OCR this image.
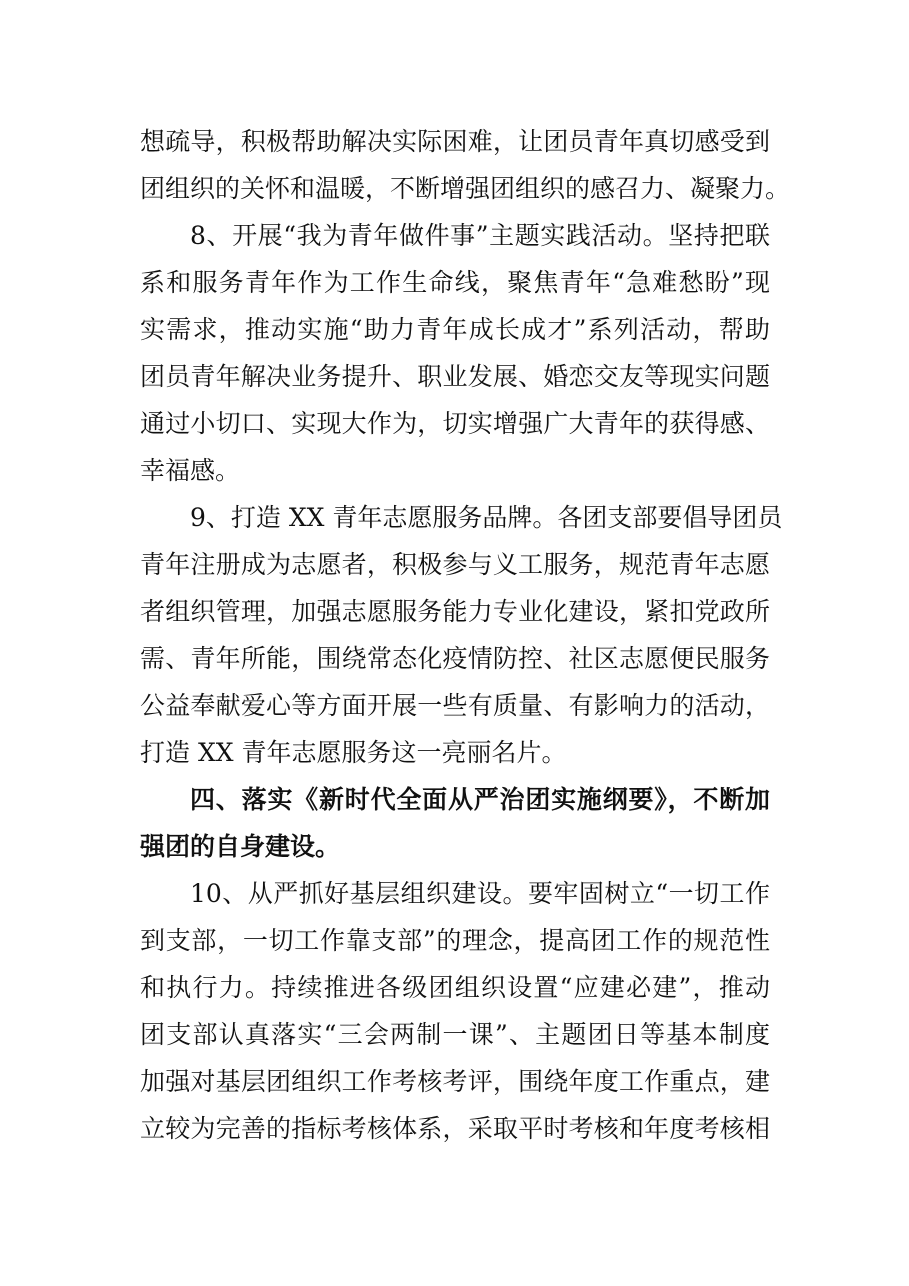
想疏导，积极帮助解决实际困难，让团员青年真切感受到
团组织的关怀和温暖，不断增强团组织的感召力、凝聚力。
8、开展“我为青年做件事”主题实践活动。坚持把联
系和服务青年作为工作生命线，聚焦青年“急难愁盼”现
实需求，推动实施“助力青年成长成才”系列活动，帮助
团员青年解决业务提升、职业发展、婚恋交友等现实问题
通过小切口、实现大作为，切实增强广大青年的获得感、
幸福感。
9、打造 XX 青年志愿服务品牌。各团支部要倡导团员
青年注册成为志愿者，积极参与义工服务，规范青年志愿
者组织管理，加强志愿服务能力专业化建设，紧扣党政所
需、青年所能，围绕常态化疫情防控、社区志愿便民服务
公益奉献爱心等方面开展一些有质量、有影响力的活动，
打造 XX 青年志愿服务这一亮丽名片。
四、落实《新时代全面从严治团实施纲要》，不断加
强团的自身建设。
10、从严抓好基层组织建设。要牢固树立“一切工作
到支部，一切工作靠支部”的理念，提高团工作的规范性
和执行力。持续推进各级团组织设置“应建必建”，推动
团支部认真落实“三会两制一课”、主题团日等基本制度
加强对基层团组织工作考核考评，围绕年度工作重点，建
立较为完善的指标考核体系，采取平时考核和年度考核相
